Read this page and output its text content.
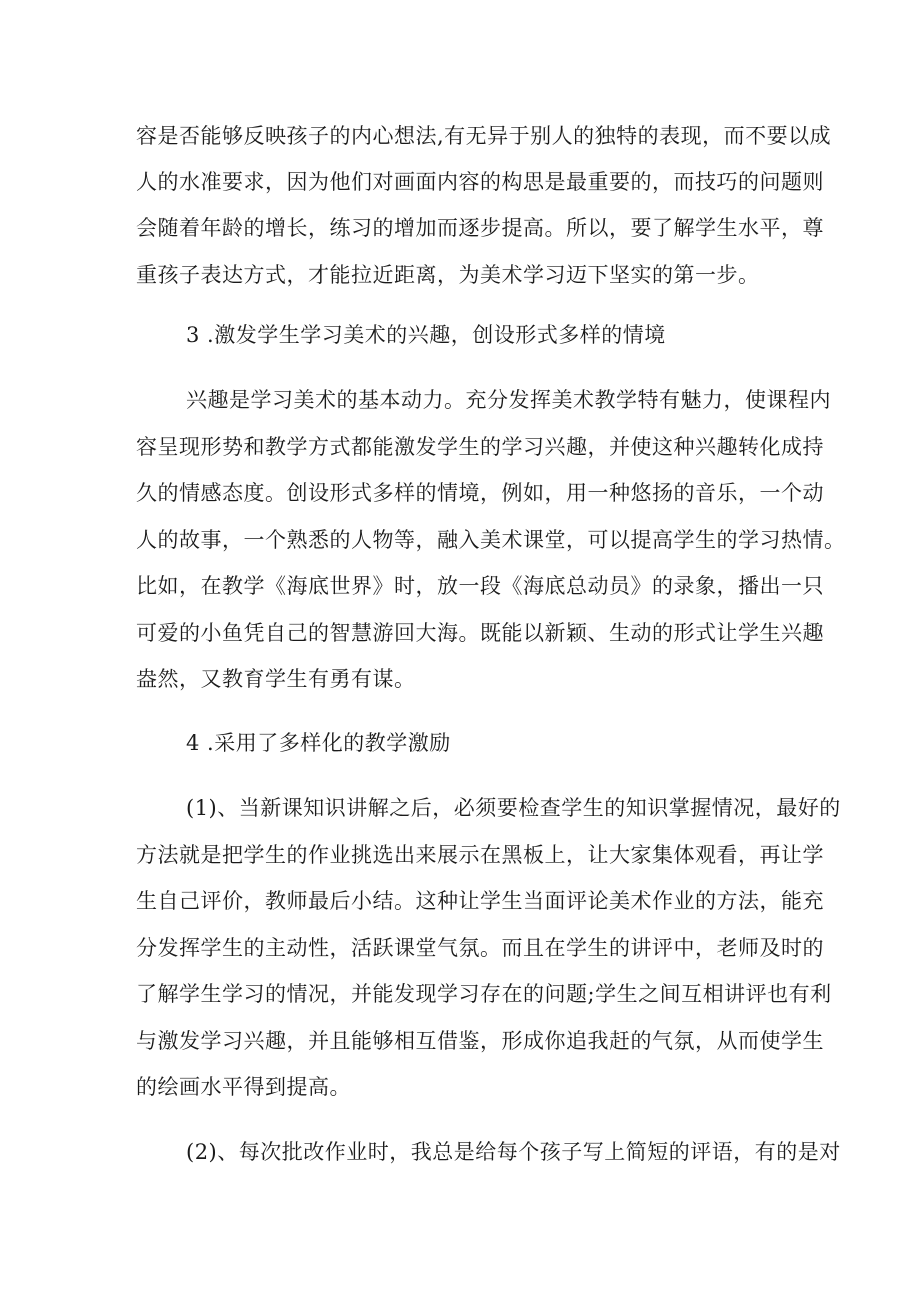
容是否能够反映孩子的内心想法,有无异于别人的独特的表现，而不要以成
人的水准要求，因为他们对画面内容的构思是最重要的，而技巧的问题则
会随着年龄的增长，练习的增加而逐步提高。所以，要了解学生水平，尊
重孩子表达方式，才能拉近距离，为美术学习迈下坚实的第一步。
3 .激发学生学习美术的兴趣，创设形式多样的情境
兴趣是学习美术的基本动力。充分发挥美术教学特有魅力，使课程内
容呈现形势和教学方式都能激发学生的学习兴趣，并使这种兴趣转化成持
久的情感态度。创设形式多样的情境，例如，用一种悠扬的音乐，一个动
人的故事，一个熟悉的人物等，融入美术课堂，可以提高学生的学习热情。
比如，在教学《海底世界》时，放一段《海底总动员》的录象，播出一只
可爱的小鱼凭自己的智慧游回大海。既能以新颖、生动的形式让学生兴趣
盎然，又教育学生有勇有谋。
4 .采用了多样化的教学激励
(1)、当新课知识讲解之后，必须要检查学生的知识掌握情况，最好的
方法就是把学生的作业挑选出来展示在黑板上，让大家集体观看，再让学
生自己评价，教师最后小结。这种让学生当面评论美术作业的方法，能充
分发挥学生的主动性，活跃课堂气氛。而且在学生的讲评中，老师及时的
了解学生学习的情况，并能发现学习存在的问题;学生之间互相讲评也有利
与激发学习兴趣，并且能够相互借鉴，形成你追我赶的气氛，从而使学生
的绘画水平得到提高。
(2)、每次批改作业时，我总是给每个孩子写上简短的评语，有的是对
